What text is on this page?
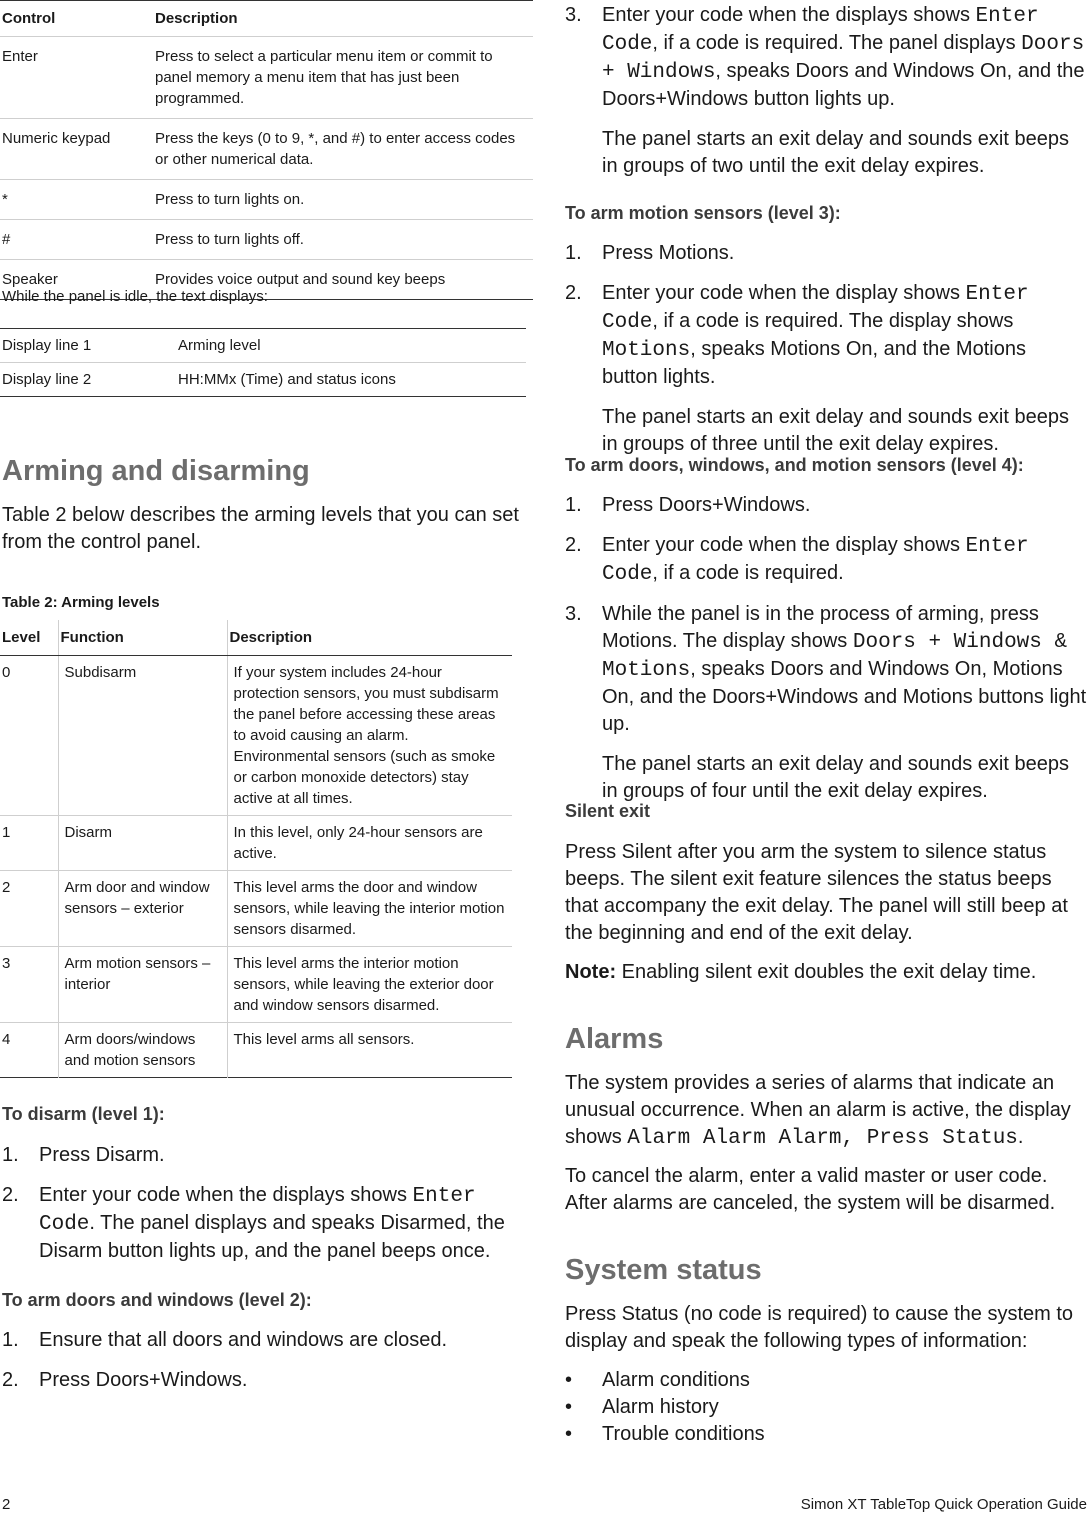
Control	Description
Enter	Press to select a particular menu item or commit to panel memory a menu item that has just been programmed.
Numeric keypad	Press the keys (0 to 9, *, and #) to enter access codes or other numerical data.
*	Press to turn lights on.
#	Press to turn lights off.
Speaker	Provides voice output and sound key beeps
While the panel is idle, the text displays:
Display line 1	Arming level
Display line 2	HH:MMx (Time) and status icons
Arming and disarming

Table 2 below describes the arming levels that you can set from the control panel.

Table 2: Arming levels
Level	Function	Description
0	Subdisarm	If your system includes 24-hour protection sensors, you must subdisarm the panel before accessing these areas to avoid causing an alarm. Environmental sensors (such as smoke or carbon monoxide detectors) stay active at all times.
1	Disarm	In this level, only 24-hour sensors are active.
2	Arm door and window sensors – exterior	This level arms the door and window sensors, while leaving the interior motion sensors disarmed.
3	Arm motion sensors – interior	This level arms the interior motion sensors, while leaving the exterior door and window sensors disarmed.
4	Arm doors/windows and motion sensors	This level arms all sensors.
To disarm (level 1):
1. Press Disarm.
2. Enter your code when the displays shows Enter Code. The panel displays and speaks Disarmed, the Disarm button lights up, and the panel beeps once.
To arm doors and windows (level 2):
1. Ensure that all doors and windows are closed.
2. Press Doors+Windows.
3. Enter your code when the displays shows Enter Code, if a code is required. The panel displays Doors + Windows, speaks Doors and Windows On, and the Doors+Windows button lights up.
The panel starts an exit delay and sounds exit beeps in groups of two until the exit delay expires.
To arm motion sensors (level 3):
1. Press Motions.
2. Enter your code when the display shows Enter Code, if a code is required. The display shows Motions, speaks Motions On, and the Motions button lights.
The panel starts an exit delay and sounds exit beeps in groups of three until the exit delay expires.
To arm doors, windows, and motion sensors (level 4):
1. Press Doors+Windows.
2. Enter your code when the display shows Enter Code, if a code is required.
3. While the panel is in the process of arming, press Motions. The display shows Doors + Windows & Motions, speaks Doors and Windows On, Motions On, and the Doors+Windows and Motions buttons light up.
The panel starts an exit delay and sounds exit beeps in groups of four until the exit delay expires.
Silent exit

Press Silent after you arm the system to silence status beeps. The silent exit feature silences the status beeps that accompany the exit delay. The panel will still beep at the beginning and end of the exit delay.

Note: Enabling silent exit doubles the exit delay time.

Alarms

The system provides a series of alarms that indicate an unusual occurrence. When an alarm is active, the display shows Alarm Alarm Alarm, Press Status.

To cancel the alarm, enter a valid master or user code. After alarms are canceled, the system will be disarmed.

System status

Press Status (no code is required) to cause the system to display and speak the following types of information:

• Alarm conditions
• Alarm history
• Trouble conditions
2	Simon XT TableTop Quick Operation Guide
